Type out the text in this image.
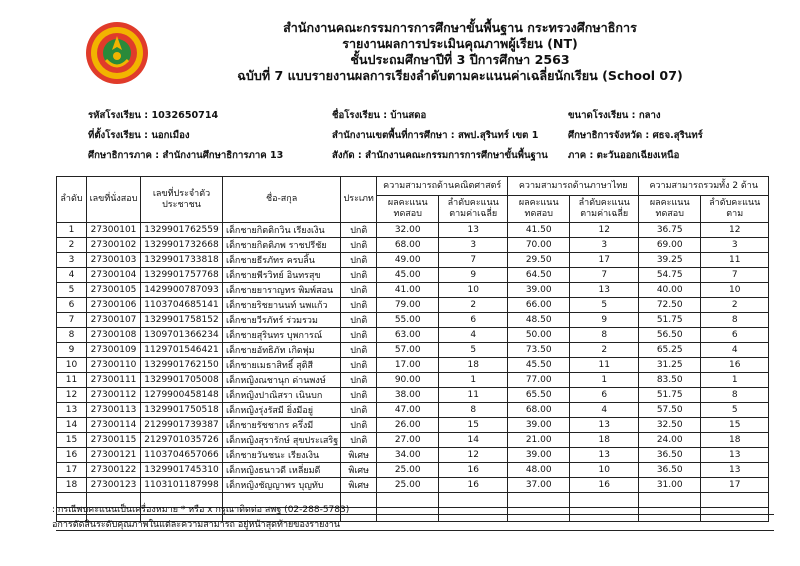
สำนักงานคณะกรรมการการศึกษาขั้นพื้นฐาน กระทรวงศึกษาธิการ
รายงานผลการประเมินคุณภาพผู้เรียน (NT)
ชั้นประถมศึกษาปีที่ 3 ปีการศึกษา 2563
ฉบับที่ 7 แบบรายงานผลการเรียงลำดับตามคะแนนค่าเฉลี่ยนักเรียน (School 07)
รหัสโรงเรียน : 1032650714	ชื่อโรงเรียน : บ้านสดอ	ขนาดโรงเรียน : กลาง
ที่ตั้งโรงเรียน : นอกเมือง	สำนักงานเขตพื้นที่การศึกษา : สพป.สุรินทร์ เขต 1	ศึกษาธิการจังหวัด : ศธจ.สุรินทร์
ศึกษาธิการภาค : สำนักงานศึกษาธิการภาค 13	สังกัด : สำนักงานคณะกรรมการการศึกษาขั้นพื้นฐาน ภาค : ตะวันออกเฉียงเหนือ
ลำดับ	เลขที่นั่งสอบ	เลขที่ประจำตัวประชาชน	ชื่อ-สกุล	ประเภท	ความสามารถด้านคณิตศาสตร์		ความสามารถด้านภาษาไทย		ความสามารถรวมทั้ง 2 ด้าน	
					ผลคะแนนทดสอบ	ลำดับคะแนนตามค่าเฉลี่ย	ผลคะแนนทดสอบ	ลำดับคะแนนตามค่าเฉลี่ย	ผลคะแนนทดสอบ	ลำดับคะแนนตาม
1	27300101	1329901762559	เด็กชายกิตติกวิน เรียงเงิน	ปกติ	32.00	13	41.50	12	36.75	12
2	27300102	1329901732668	เด็กชายกิตติภพ ราชปรีชัย	ปกติ	68.00	3	70.00	3	69.00	3
3	27300103	1329901733818	เด็กชายธีรภัทร ครบลิ้น	ปกติ	49.00	7	29.50	17	39.25	11
4	27300104	1329901757768	เด็กชายพีรวิทย์ อินทรสุข	ปกติ	45.00	9	64.50	7	54.75	7
5	27300105	1429900787093	เด็กชายยาราญทร พิมพ์สอน	ปกติ	41.00	10	39.00	13	40.00	10
6	27300106	1103704685141	เด็กชายริชยานนท์ นพแก้ว	ปกติ	79.00	2	66.00	5	72.50	2
7	27300107	1329901758152	เด็กชายวีรภัทร์ ร่วมรวม	ปกติ	55.00	6	48.50	9	51.75	8
8	27300108	1309701366234	เด็กชายสุรินทร บุพการณ์	ปกติ	63.00	4	50.00	8	56.50	6
9	27300109	1129701546421	เด็กชายอัทธิภัท เกิดพุ่ม	ปกติ	57.00	5	73.50	2	65.25	4
10	27300110	1329901762150	เด็กชายเมธาสิทธิ์ สุติสี	ปกติ	17.00	18	45.50	11	31.25	16
11	27300111	1329901705008	เด็กหญิงณชานุก ด่านพงษ์	ปกติ	90.00	1	77.00	1	83.50	1
12	27300112	1279900458148	เด็กหญิงปาณิสรา เนินบก	ปกติ	38.00	11	65.50	6	51.75	8
13	27300113	1329901750518	เด็กหญิงรุ่งรัสมี ยิ่งมีอยู่	ปกติ	47.00	8	68.00	4	57.50	5
14	27300114	2129901739387	เด็กชายรัชชากร ครึ่งมี	ปกติ	26.00	15	39.00	13	32.50	15
15	27300115	2129701035726	เด็กหญิงสุรารักษ์ สุขประเสริฐ	ปกติ	27.00	14	21.00	18	24.00	18
16	27300121	1103704657066	เด็กชายวันชนะ เรียงเงิน	พิเศษ	34.00	12	39.00	13	36.50	13
17	27300122	1329901745310	เด็กหญิงธนาวดี เหลี่ยมดี	พิเศษ	25.00	16	48.00	10	36.50	13
18	27300123	1103101187998	เด็กหญิงชัญญาพร บุญทับ	พิเศษ	25.00	16	37.00	16	31.00	17

: กรณีพบคะแนนเป็นเครื่องหมาย * หรือ x กรุณาติดต่อ สพฐ (02-288-5783)
อการตัดสินระดับคุณภาพในแต่ละความสามารถ อยู่หน้าสุดท้ายของรายงาน
